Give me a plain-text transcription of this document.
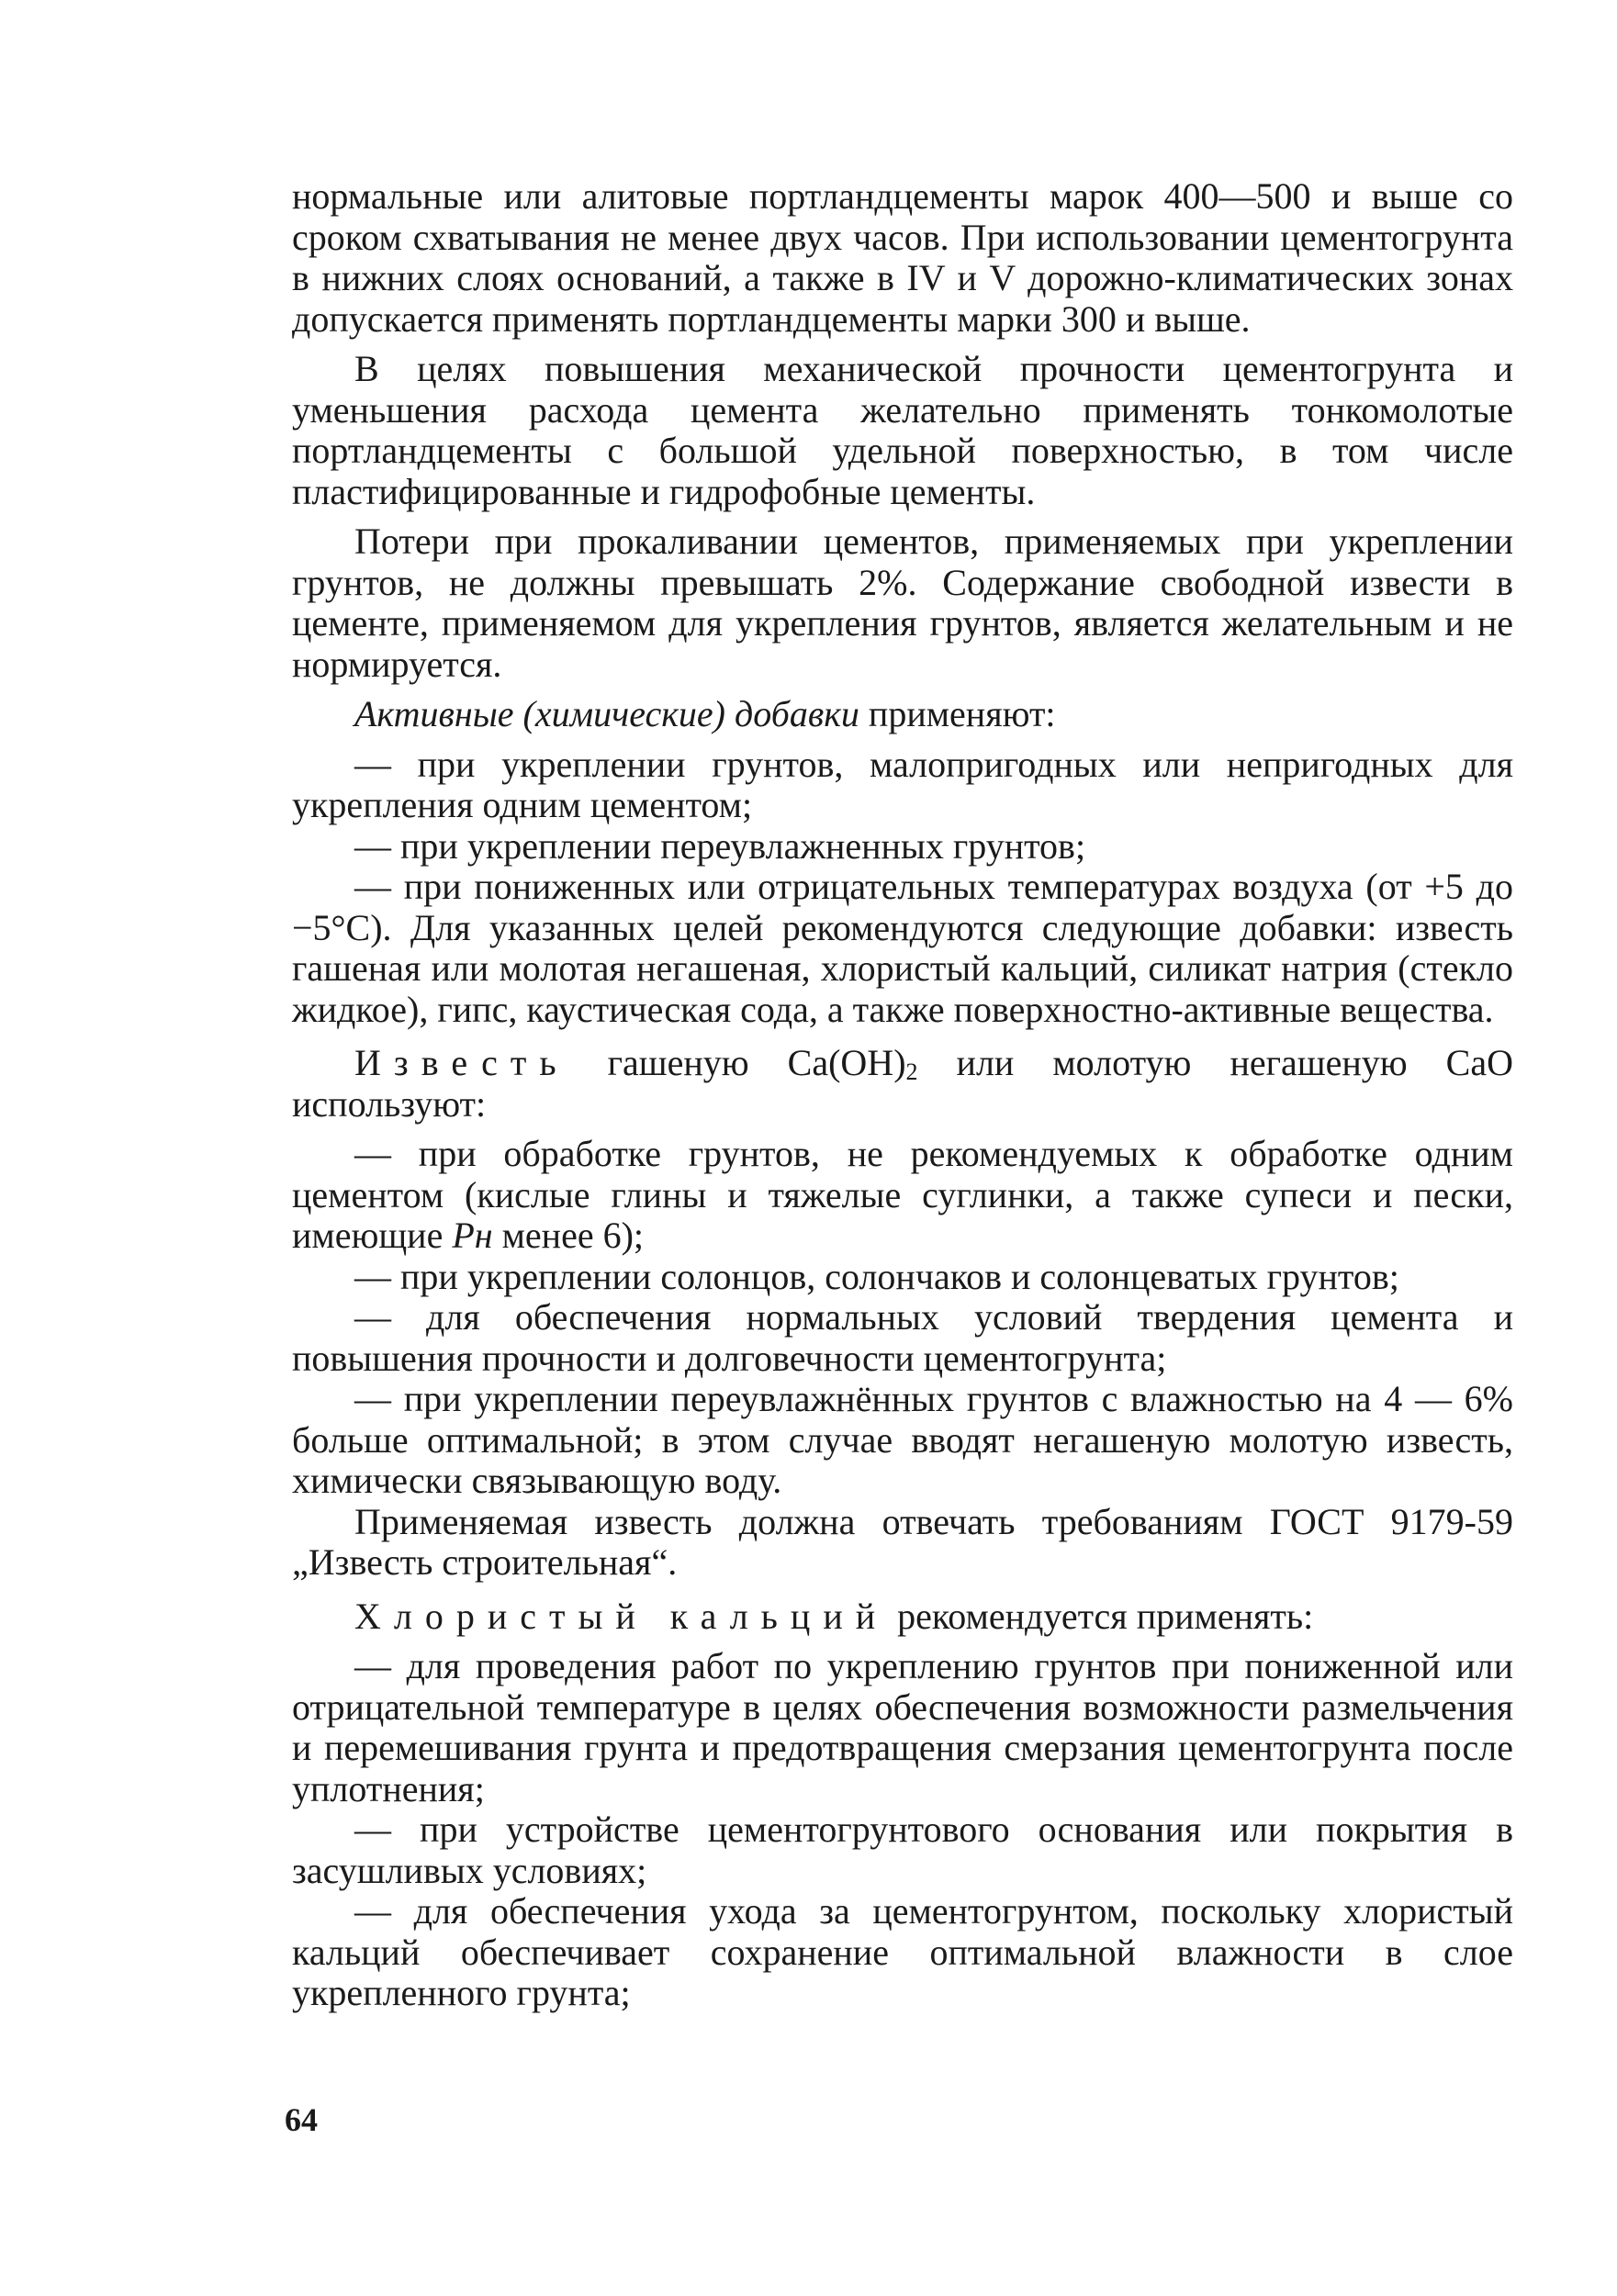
нормальные или алитовые портландцементы марок 400—500 и выше со сроком схватывания не менее двух часов. При использовании цементогрунта в нижних слоях оснований, а также в IV и V дорожно-климатических зонах допускается применять портландцементы марки 300 и выше.

В целях повышения механической прочности цементогрунта и уменьшения расхода цемента желательно применять тонкомолотые портландцементы с большой удельной поверхностью, в том числе пластифицированные и гидрофобные цементы.

Потери при прокаливании цементов, применяемых при укреплении грунтов, не должны превышать 2%. Содержание свободной извести в цементе, применяемом для укрепления грунтов, является желательным и не нормируется.

Активные (химические) добавки применяют:

— при укреплении грунтов, малопригодных или непригодных для укрепления одним цементом;

— при укреплении переувлажненных грунтов;

— при пониженных или отрицательных температурах воздуха (от +5 до −5°С). Для указанных целей рекомендуются следующие добавки: известь гашеная или молотая негашеная, хлористый кальций, силикат натрия (стекло жидкое), гипс, каустическая сода, а также поверхностно-активные вещества.

Известь гашеную $Ca(OH)_2$ или молотую негашеную CaO используют:

— при обработке грунтов, не рекомендуемых к обработке одним цементом (кислые глины и тяжелые суглинки, а также супеси и пески, имеющие Рн менее 6);

— при укреплении солонцов, солончаков и солонцеватых грунтов;

— для обеспечения нормальных условий твердения цемента и повышения прочности и долговечности цементогрунта;

— при укреплении переувлажнённых грунтов с влажностью на 4 — 6% больше оптимальной; в этом случае вводят негашеную молотую известь, химически связывающую воду.

Применяемая известь должна отвечать требованиям ГОСТ 9179-59 „Известь строительная“.

Хлористый кальций рекомендуется применять:

— для проведения работ по укреплению грунтов при пониженной или отрицательной температуре в целях обеспечения возможности размельчения и перемешивания грунта и предотвращения смерзания цементогрунта после уплотнения;

— при устройстве цементогрунтового основания или покрытия в засушливых условиях;

— для обеспечения ухода за цементогрунтом, поскольку хлористый кальций обеспечивает сохранение оптимальной влажности в слое укрепленного грунта;

64
